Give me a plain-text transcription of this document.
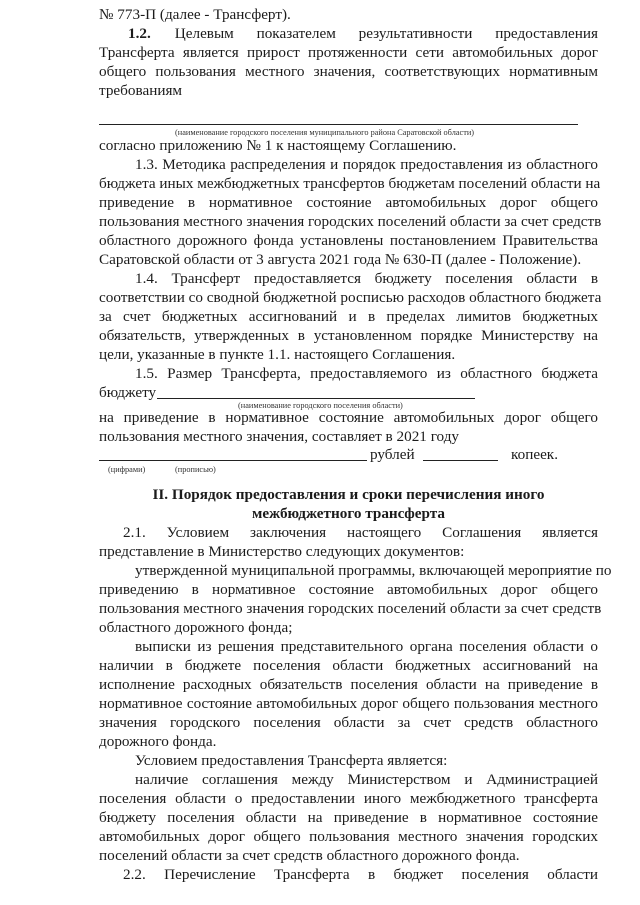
№ 773-П (далее - Трансферт).
1.2. Целевым показателем результативности предоставления
Трансферта является прирост протяженности сети автомобильных дорог
общего пользования местного значения, соответствующих нормативным
требованиям
(наименование городского поселения муниципального района Саратовской области)
согласно приложению № 1 к настоящему Соглашению.
1.3. Методика распределения и порядок предоставления из областного
бюджета иных межбюджетных трансфертов бюджетам поселений области на
приведение в нормативное состояние автомобильных дорог общего
пользования местного значения городских поселений области за счет средств
областного дорожного фонда установлены постановлением Правительства
Саратовской области от 3 августа 2021 года № 630-П (далее - Положение).
1.4. Трансферт предоставляется бюджету поселения области в
соответствии со сводной бюджетной росписью расходов областного бюджета
за счет бюджетных ассигнований и в пределах лимитов бюджетных
обязательств, утвержденных в установленном порядке Министерству на
цели, указанные в пункте 1.1. настоящего Соглашения.
1.5. Размер Трансферта, предоставляемого из областного бюджета
бюджету
(наименование городского поселения области)
на приведение в нормативное состояние автомобильных дорог общего
пользования местного значения, составляет в 2021 году
рублей	копеек.
(цифрами)	(прописью)
II. Порядок предоставления и сроки перечисления иного
межбюджетного трансферта
2.1. Условием заключения настоящего Соглашения является
представление в Министерство следующих документов:
утвержденной муниципальной программы, включающей мероприятие по
приведению в нормативное состояние автомобильных дорог общего
пользования местного значения городских поселений области за счет средств
областного дорожного фонда;
выписки из решения представительного органа поселения области о
наличии в бюджете поселения области бюджетных ассигнований на
исполнение расходных обязательств поселения области на приведение в
нормативное состояние автомобильных дорог общего пользования местного
значения городского поселения области за счет средств областного
дорожного фонда.
Условием предоставления Трансферта является:
наличие соглашения между Министерством и Администрацией
поселения области о предоставлении иного межбюджетного трансферта
бюджету поселения области на приведение в нормативное состояние
автомобильных дорог общего пользования местного значения городских
поселений области за счет средств областного дорожного фонда.
2.2. Перечисление Трансферта в бюджет поселения области
